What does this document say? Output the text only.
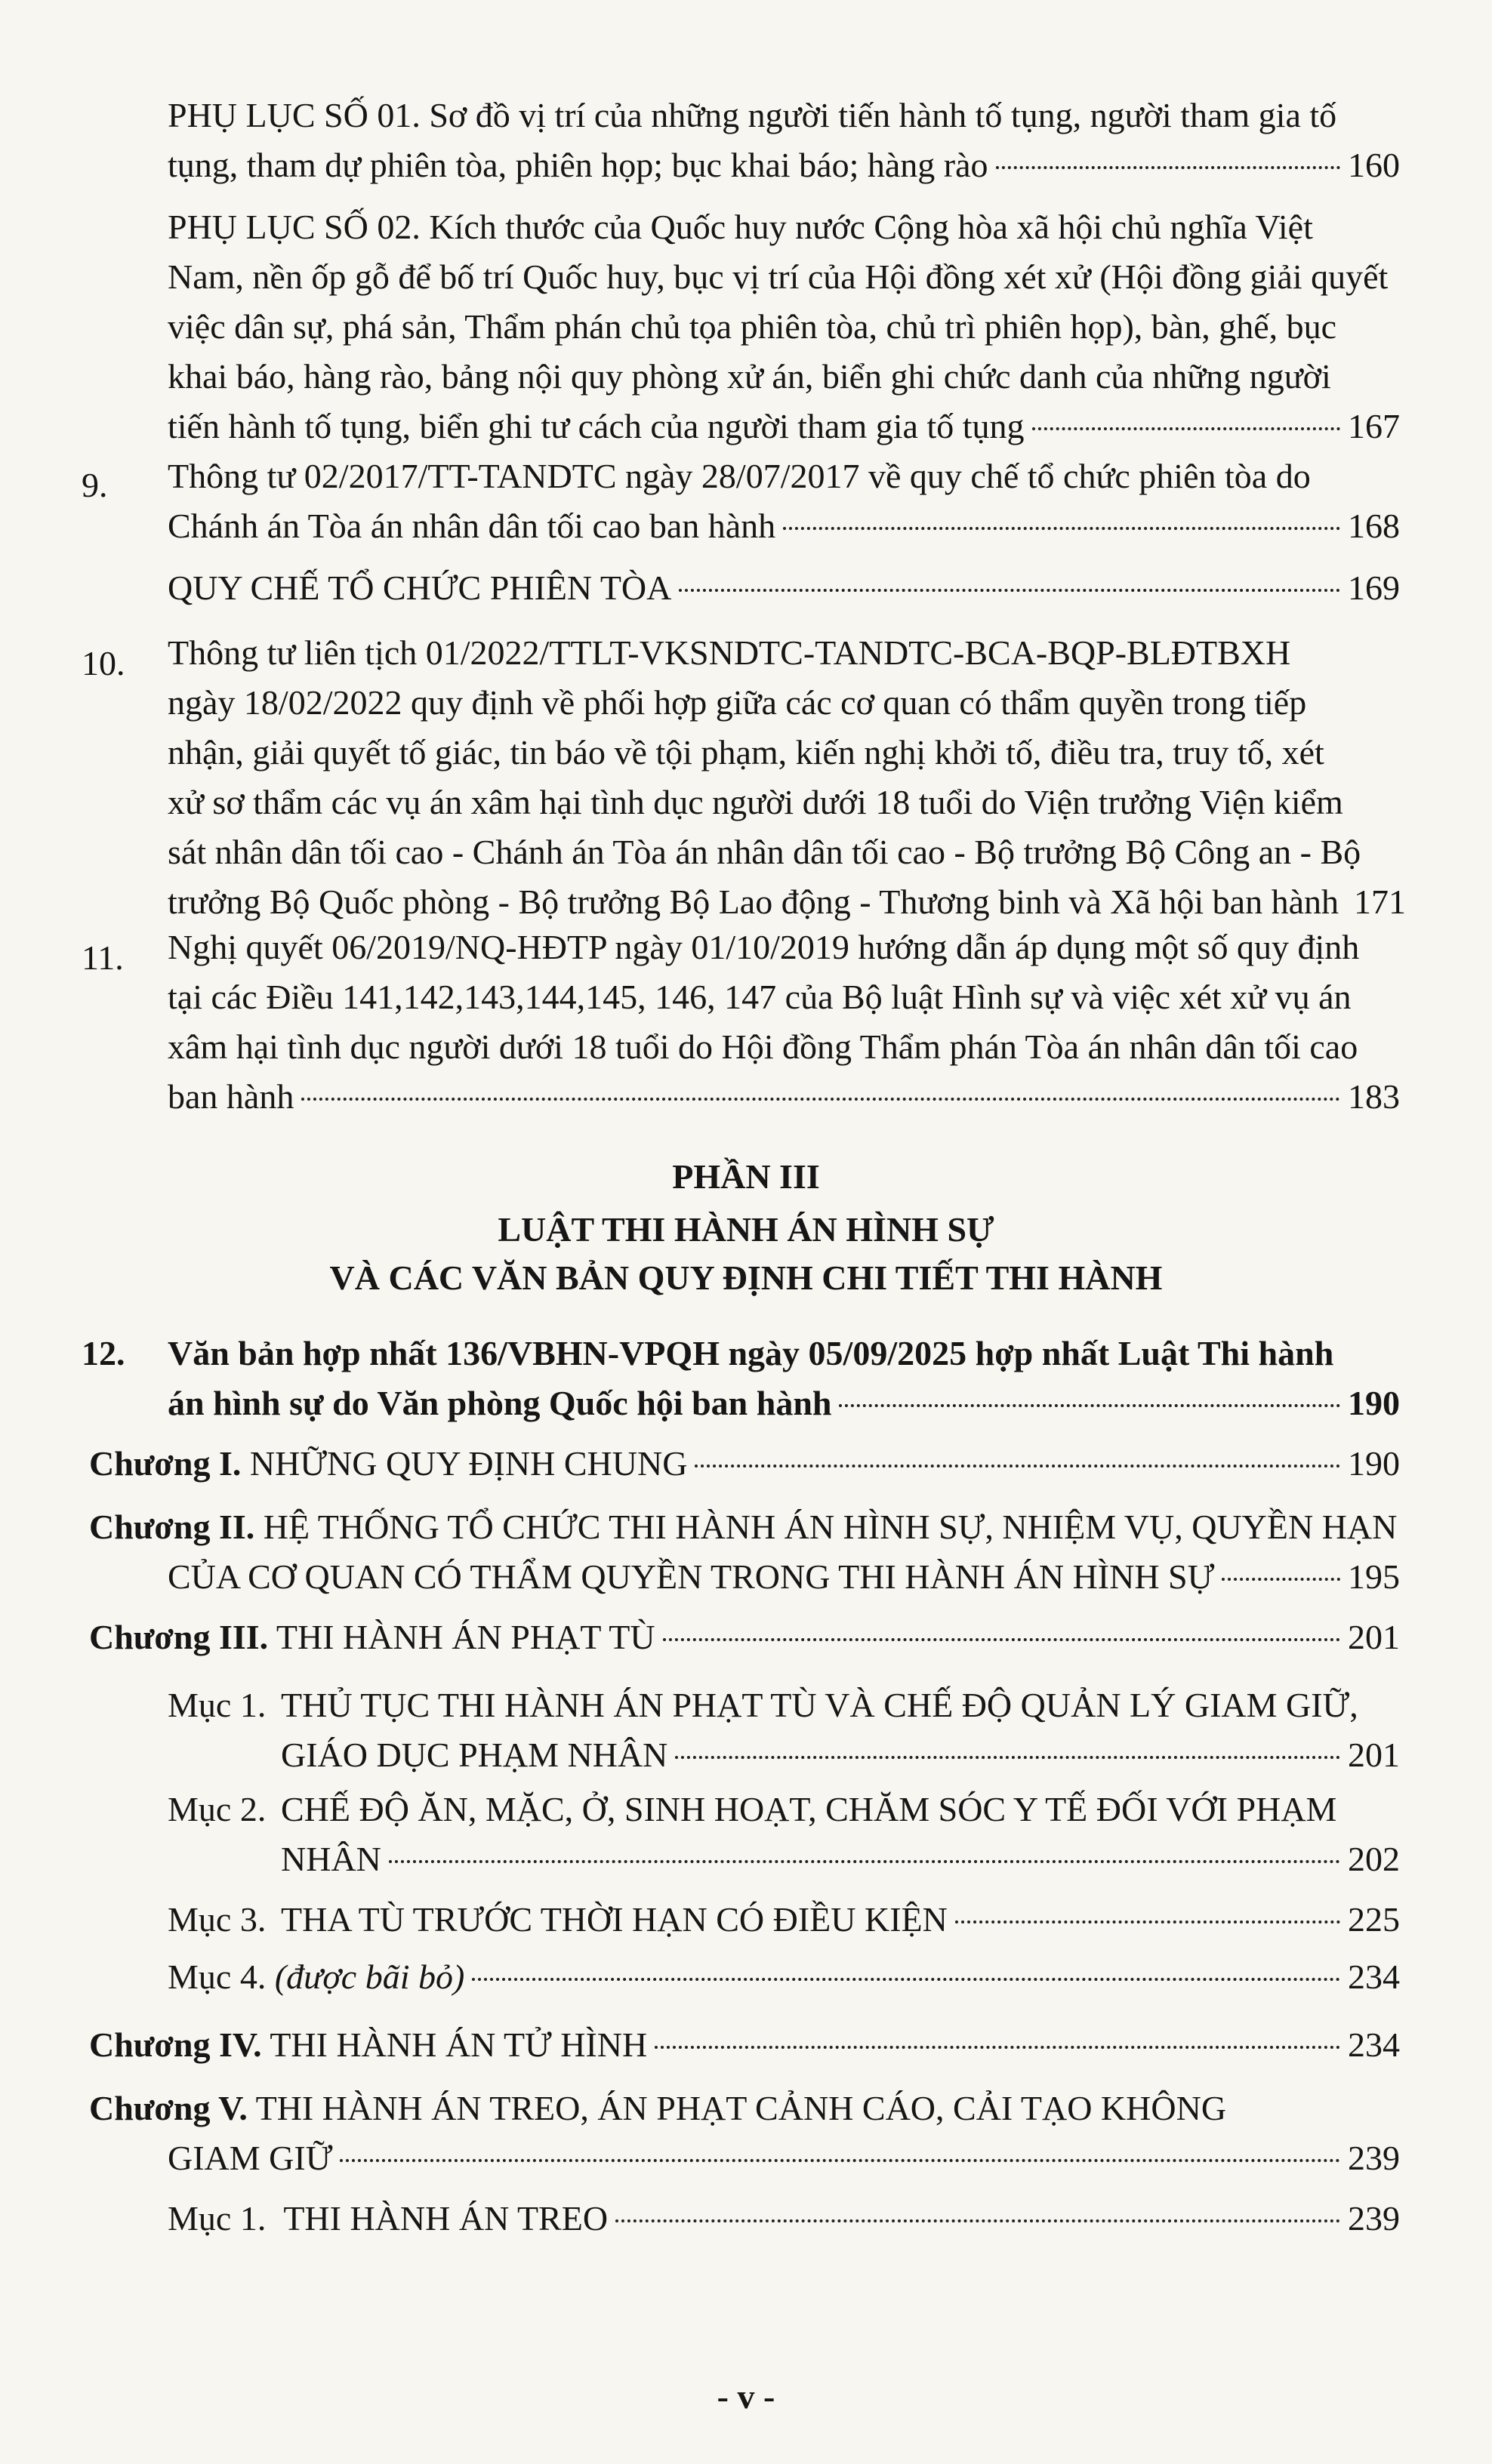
PHỤ LỤC SỐ 01. Sơ đồ vị trí của những người tiến hành tố tụng, người tham gia tố
tụng, tham dự phiên tòa, phiên họp; bục khai báo; hàng rào	160
PHỤ LỤC SỐ 02. Kích thước của Quốc huy nước Cộng hòa xã hội chủ nghĩa Việt
Nam, nền ốp gỗ để bố trí Quốc huy, bục vị trí của Hội đồng xét xử (Hội đồng giải quyết
việc dân sự, phá sản, Thẩm phán chủ tọa phiên tòa, chủ trì phiên họp), bàn, ghế, bục
khai báo, hàng rào, bảng nội quy phòng xử án, biển ghi chức danh của những người
tiến hành tố tụng, biển ghi tư cách của người tham gia tố tụng	167
9. Thông tư 02/2017/TT-TANDTC ngày 28/07/2017 về quy chế tổ chức phiên tòa do
Chánh án Tòa án nhân dân tối cao ban hành	168
QUY CHẾ TỔ CHỨC PHIÊN TÒA	169
10. Thông tư liên tịch 01/2022/TTLT-VKSNDTC-TANDTC-BCA-BQP-BLĐTBXH
ngày 18/02/2022 quy định về phối hợp giữa các cơ quan có thẩm quyền trong tiếp
nhận, giải quyết tố giác, tin báo về tội phạm, kiến nghị khởi tố, điều tra, truy tố, xét
xử sơ thẩm các vụ án xâm hại tình dục người dưới 18 tuổi do Viện trưởng Viện kiểm
sát nhân dân tối cao - Chánh án Tòa án nhân dân tối cao - Bộ trưởng Bộ Công an - Bộ
trưởng Bộ Quốc phòng - Bộ trưởng Bộ Lao động - Thương binh và Xã hội ban hành 171
11. Nghị quyết 06/2019/NQ-HĐTP ngày 01/10/2019 hướng dẫn áp dụng một số quy định
tại các Điều 141,142,143,144,145, 146, 147 của Bộ luật Hình sự và việc xét xử vụ án
xâm hại tình dục người dưới 18 tuổi do Hội đồng Thẩm phán Tòa án nhân dân tối cao
ban hành	183
PHẦN III
LUẬT THI HÀNH ÁN HÌNH SỰ
VÀ CÁC VĂN BẢN QUY ĐỊNH CHI TIẾT THI HÀNH
12. Văn bản hợp nhất 136/VBHN-VPQH ngày 05/09/2025 hợp nhất Luật Thi hành
án hình sự do Văn phòng Quốc hội ban hành	190
Chương I. NHỮNG QUY ĐỊNH CHUNG	190
Chương II. HỆ THỐNG TỔ CHỨC THI HÀNH ÁN HÌNH SỰ, NHIỆM VỤ, QUYỀN HẠN
CỦA CƠ QUAN CÓ THẨM QUYỀN TRONG THI HÀNH ÁN HÌNH SỰ	195
Chương III. THI HÀNH ÁN PHẠT TÙ	201
Mục 1. THỦ TỤC THI HÀNH ÁN PHẠT TÙ VÀ CHẾ ĐỘ QUẢN LÝ GIAM GIỮ,
GIÁO DỤC PHẠM NHÂN	201
Mục 2. CHẾ ĐỘ ĂN, MẶC, Ở, SINH HOẠT, CHĂM SÓC Y TẾ ĐỐI VỚI PHẠM
NHÂN	202
Mục 3. THA TÙ TRƯỚC THỜI HẠN CÓ ĐIỀU KIỆN	225
Mục 4. (được bãi bỏ)	234
Chương IV. THI HÀNH ÁN TỬ HÌNH	234
Chương V. THI HÀNH ÁN TREO, ÁN PHẠT CẢNH CÁO, CẢI TẠO KHÔNG
GIAM GIỮ	239
Mục 1. THI HÀNH ÁN TREO	239
- v -
